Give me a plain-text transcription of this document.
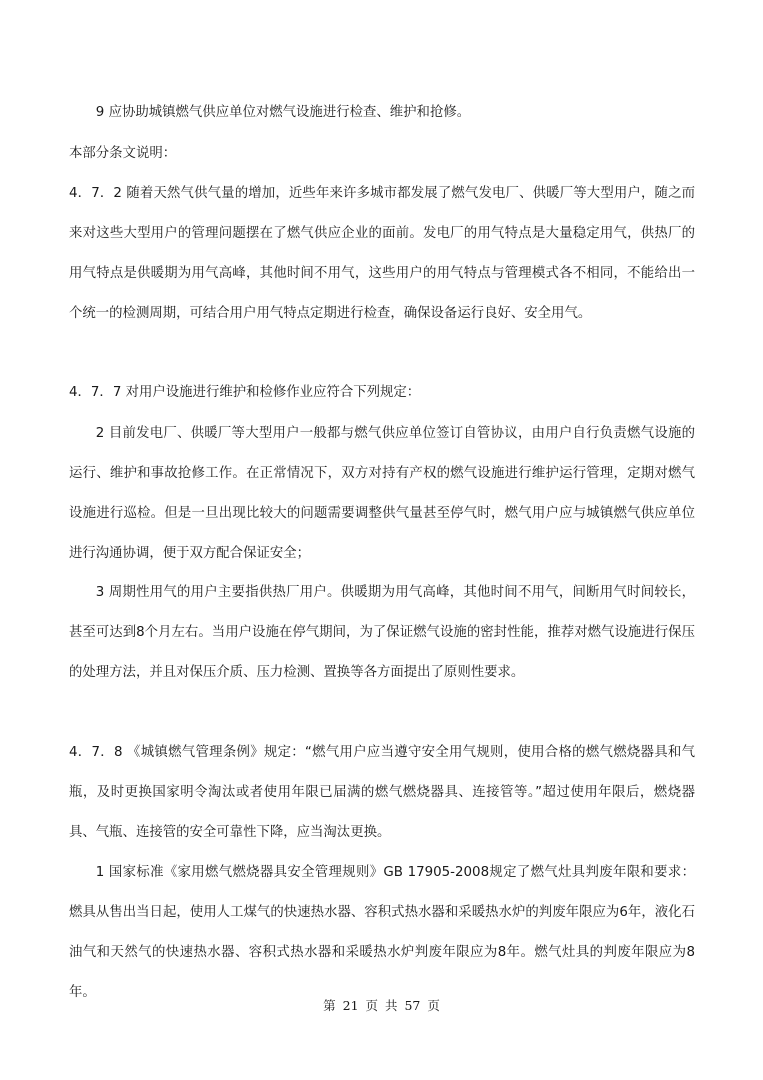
9 应协助城镇燃气供应单位对燃气设施进行检查、维护和抢修。

本部分条文说明：

4．7．2 随着天然气供气量的增加，近些年来许多城市都发展了燃气发电厂、供暖厂等大型用户，随之而来对这些大型用户的管理问题摆在了燃气供应企业的面前。发电厂的用气特点是大量稳定用气，供热厂的用气特点是供暖期为用气高峰，其他时间不用气，这些用户的用气特点与管理模式各不相同，不能给出一个统一的检测周期，可结合用户用气特点定期进行检查，确保设备运行良好、安全用气。

4．7．7 对用户设施进行维护和检修作业应符合下列规定：

2 目前发电厂、供暖厂等大型用户一般都与燃气供应单位签订自管协议，由用户自行负责燃气设施的运行、维护和事故抢修工作。在正常情况下，双方对持有产权的燃气设施进行维护运行管理，定期对燃气设施进行巡检。但是一旦出现比较大的问题需要调整供气量甚至停气时，燃气用户应与城镇燃气供应单位进行沟通协调，便于双方配合保证安全；

3 周期性用气的用户主要指供热厂用户。供暖期为用气高峰，其他时间不用气，间断用气时间较长，甚至可达到8个月左右。当用户设施在停气期间，为了保证燃气设施的密封性能，推荐对燃气设施进行保压的处理方法，并且对保压介质、压力检测、置换等各方面提出了原则性要求。

4．7．8 《城镇燃气管理条例》规定：“燃气用户应当遵守安全用气规则，使用合格的燃气燃烧器具和气瓶，及时更换国家明令淘汰或者使用年限已届满的燃气燃烧器具、连接管等。”超过使用年限后，燃烧器具、气瓶、连接管的安全可靠性下降，应当淘汰更换。

1 国家标准《家用燃气燃烧器具安全管理规则》GB 17905-2008规定了燃气灶具判废年限和要求：燃具从售出当日起，使用人工煤气的快速热水器、容积式热水器和采暖热水炉的判废年限应为6年，液化石油气和天然气的快速热水器、容积式热水器和采暖热水炉判废年限应为8年。燃气灶具的判废年限应为8年。

第 21 页 共 57 页
